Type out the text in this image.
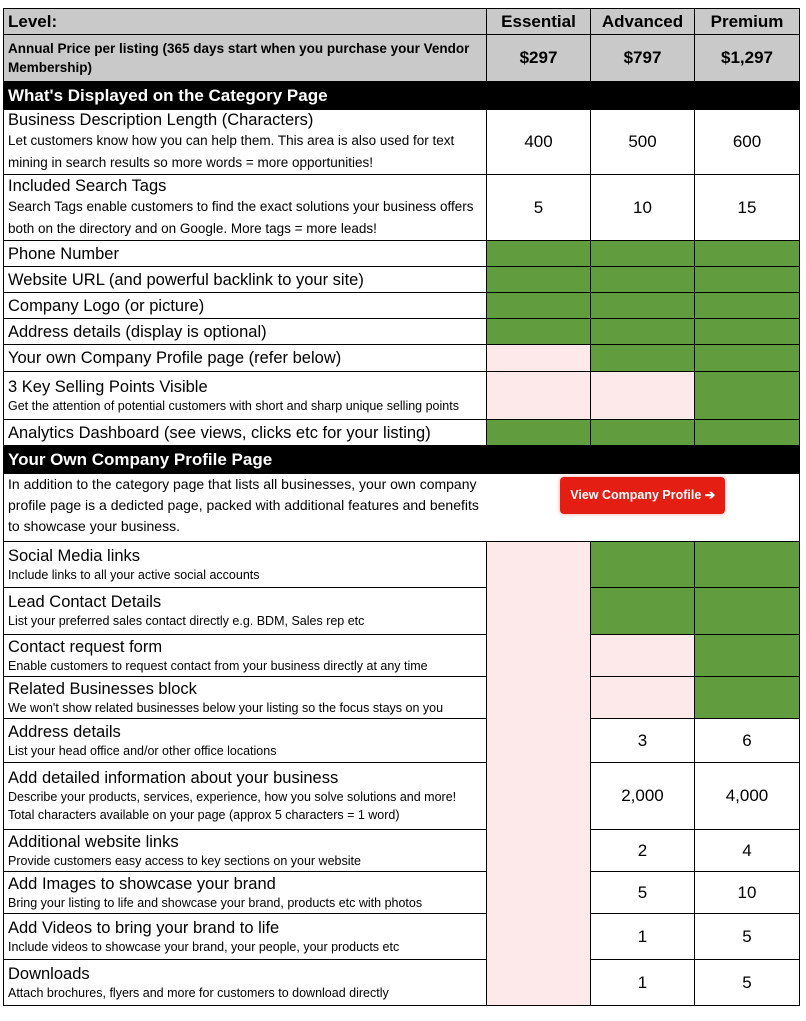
Level:	Essential	Advanced	Premium
Annual Price per listing (365 days start when you purchase your Vendor Membership)	$297	$797	$1,297
What's Displayed on the Category Page			

Business Description Length (Characters)
Let customers know how you can help them. This area is also used for text mining in search results so more words = more opportunities!	400	500	600

Included Search Tags
Search Tags enable customers to find the exact solutions your business offers both on the directory and on Google. More tags = more leads!	5	10	15

Phone Number			

Website URL (and powerful backlink to your site)			

Company Logo (or picture)			

Address details (display is optional)			

Your own Company Profile page (refer below)			

3 Key Selling Points Visible
Get the attention of potential customers with short and sharp unique selling points			

Analytics Dashboard (see views, clicks etc for your listing)			

Your Own Company Profile Page			
In addition to the category page that lists all businesses, your own company profile page is a dedicted page, packed with additional features and benefits to showcase your business.	View Company Profile ➔		

Social Media links
Include links to all your active social accounts			

Lead Contact Details
List your preferred sales contact directly e.g. BDM, Sales rep etc			

Contact request form
Enable customers to request contact from your business directly at any time			

Related Businesses block
We won't show related businesses below your listing so the focus stays on you			

Address details
List your head office and/or other office locations		3	6

Add detailed information about your business
Describe your products, services, experience, how you solve solutions and more!
Total characters available on your page (approx 5 characters = 1 word)		2,000	4,000

Additional website links
Provide customers easy access to key sections on your website		2	4

Add Images to showcase your brand
Bring your listing to life and showcase your brand, products etc with photos		5	10

Add Videos to bring your brand to life
Include videos to showcase your brand, your people, your products etc		1	5

Downloads
Attach brochures, flyers and more for customers to download directly		1	5
